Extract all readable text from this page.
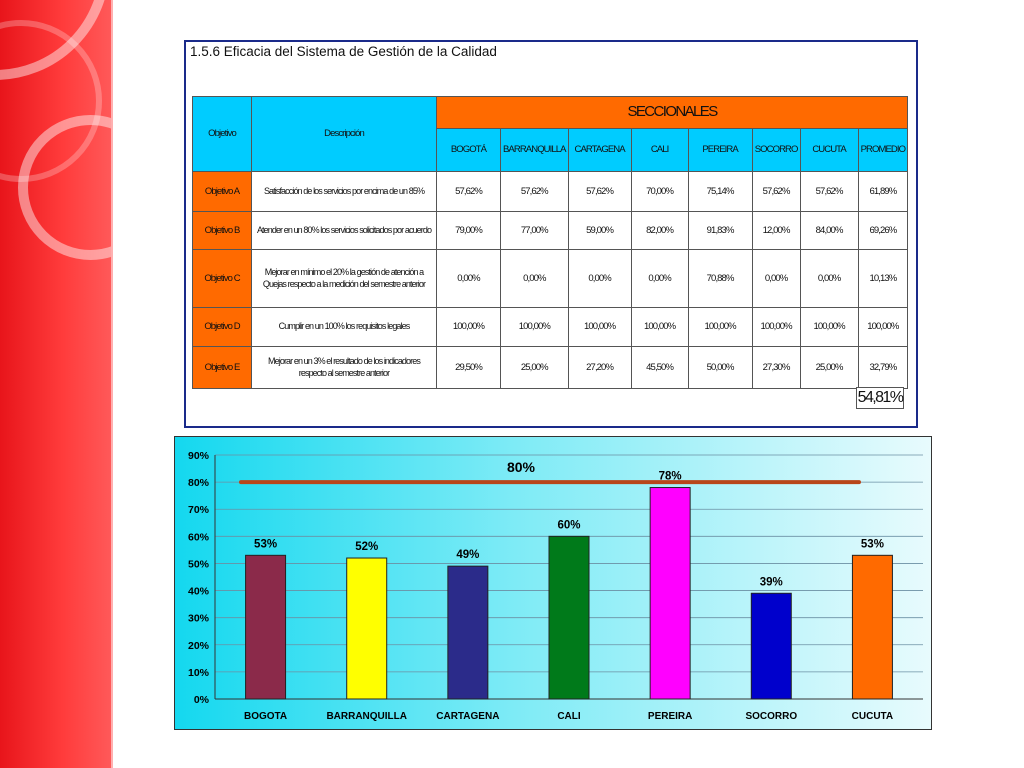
1.5.6 Eficacia del Sistema de Gestión de la Calidad
Objetivo	Descripción	SECCIONALES							
		BOGOTÁ	BARRANQUILLA	CARTAGENA	CALI	PEREIRA	SOCORRO	CUCUTA	PROMEDIO
Objetivo A	Satisfacción de los servicios por encima de un 85%	57,62%	57,62%	57,62%	70,00%	75,14%	57,62%	57,62%	61,89%
Objetivo B	Atender en un 80% los servicios solicitados por acuerdo	79,00%	77,00%	59,00%	82,00%	91,83%	12,00%	84,00%	69,26%
Objetivo C	Mejorar en mínimo el 20% la gestión de atención a Quejas respecto a la medición del semestre anterior	0,00%	0,00%	0,00%	0,00%	70,88%	0,00%	0,00%	10,13%
Objetivo D	Cumplir en un 100% los requisitos legales	100,00%	100,00%	100,00%	100,00%	100,00%	100,00%	100,00%	100,00%
Objetivo E	Mejorar en un 3% el resultado de los indicadores respecto al semestre anterior	29,50%	25,00%	27,20%	45,50%	50,00%	27,30%	25,00%	32,79%
54,81%
0%
10%
20%
30%
40%
50%
60%
70%
80%
90%
53%
BOGOTA
52%
BARRANQUILLA
49%
CARTAGENA
60%
CALI
78%
PEREIRA
39%
SOCORRO
53%
CUCUTA
80%
